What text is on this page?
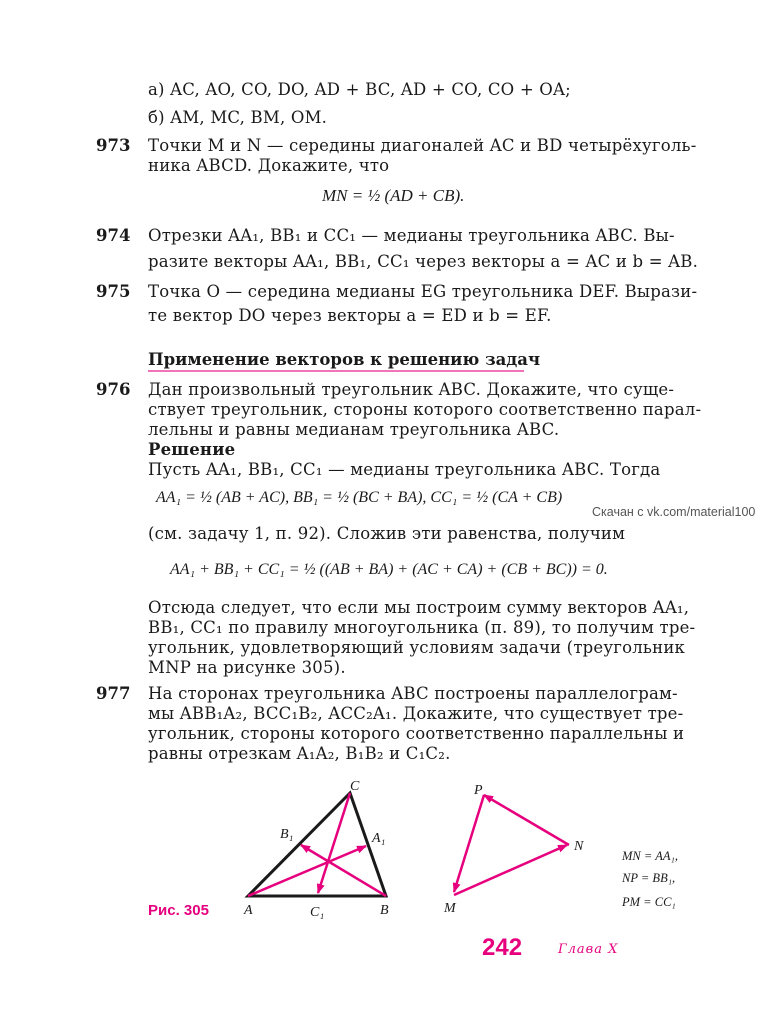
а) AC, AO, CO, DO, AD + BC, AD + CO, CO + OA;
б) AM, MC, BM, OM.
973 Точки M и N — середины диагоналей AC и BD четырёхуголь-
ника ABCD. Докажите, что
MN = ½ (AD + CB).
974 Отрезки AA₁, BB₁ и CC₁ — медианы треугольника ABC. Вы-
разите векторы AA₁, BB₁, CC₁ через векторы a = AC и b = AB.
975 Точка O — середина медианы EG треугольника DEF. Вырази-
те вектор DO через векторы a = ED и b = EF.
Применение векторов к решению задач
976 Дан произвольный треугольник ABC. Докажите, что суще-
ствует треугольник, стороны которого соответственно парал-
лельны и равны медианам треугольника ABC.
Решение
Пусть AA₁, BB₁, CC₁ — медианы треугольника ABC. Тогда
AA₁ = ½ (AB + AC), BB₁ = ½ (BC + BA), CC₁ = ½ (CA + CB)
Скачан с vk.com/material100
(см. задачу 1, п. 92). Сложив эти равенства, получим
AA₁ + BB₁ + CC₁ = ½ ((AB + BA) + (AC + CA) + (CB + BC)) = 0.
Отсюда следует, что если мы построим сумму векторов AA₁,
BB₁, CC₁ по правилу многоугольника (п. 89), то получим тре-
угольник, удовлетворяющий условиям задачи (треугольник
MNP на рисунке 305).
977 На сторонах треугольника ABC построены параллелограм-
мы ABB₁A₂, BCC₁B₂, ACC₂A₁. Докажите, что существует тре-
угольник, стороны которого соответственно параллельны и
равны отрезкам A₁A₂, B₁B₂ и C₁C₂.
A	B
C
A₁
B₁
C₁
P
N
M
MN = AA₁,
NP = BB₁,
PM = CC₁
Рис. 305
242	Глава X
